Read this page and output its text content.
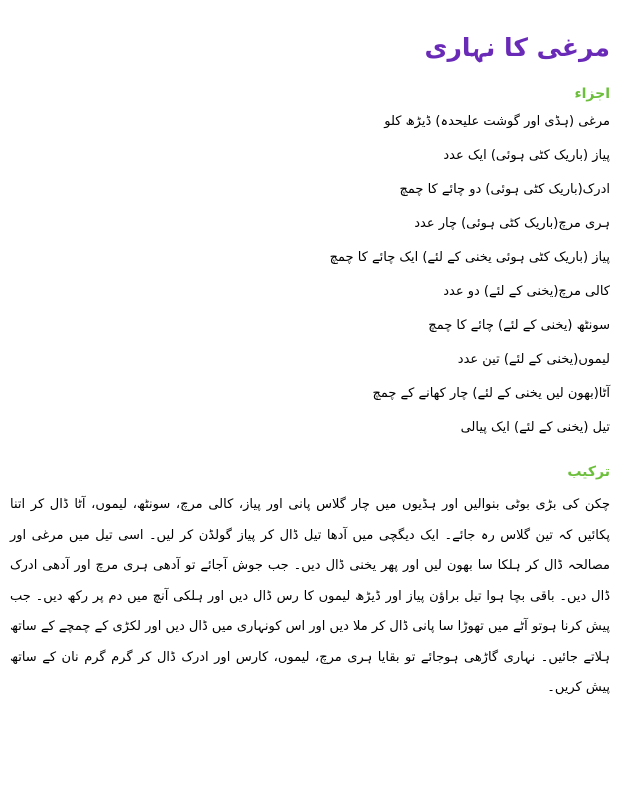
مرغی کا نہاری
اجزاء
مرغی (ہڈی اور گوشت علیحدہ) ڈیڑھ کلو
پیاز (باریک کٹی ہوئی) ایک عدد
ادرک(باریک کٹی ہوئی) دو چائے کا چمچ
ہری مرچ(باریک کٹی ہوئی) چار عدد
پیاز (باریک کٹی ہوئی یخنی کے لئے) ایک چائے کا چمچ
کالی مرچ(یخنی کے لئے) دو عدد
سونٹھ (یخنی کے لئے) چائے کا چمچ
لیموں(یخنی کے لئے) تین عدد
آٹا(بھون لیں یخنی کے لئے) چار کھانے کے چمچ
تیل (یخنی کے لئے) ایک پیالی
ترکیب

چکن کی بڑی بوٹی بنوالیں اور ہڈیوں میں چار گلاس پانی اور پیاز، کالی مرچ، سونٹھ، لیموں، آٹا ڈال کر اتنا پکائیں کہ تین گلاس رہ جائے۔ ایک دیگچی میں آدھا تیل ڈال کر پیاز گولڈن کر لیں۔ اسی تیل میں مرغی اور مصالحہ ڈال کر ہلکا سا بھون لیں اور پھر یخنی ڈال دیں۔ جب جوش آجائے تو آدھی ہری مرچ اور آدھی ادرک ڈال دیں۔ باقی بچا ہوا تیل براؤن پیاز اور ڈیڑھ لیموں کا رس ڈال دیں اور ہلکی آنچ میں دم پر رکھ دیں۔ جب پیش کرنا ہوتو آٹے میں تھوڑا سا پانی ڈال کر ملا دیں اور اس کونہاری میں ڈال دیں اور لکڑی کے چمچے کے ساتھ ہلاتے جائیں۔ نہاری گاڑھی ہوجائے تو بقایا ہری مرچ، لیموں، کارس اور ادرک ڈال کر گرم گرم نان کے ساتھ پیش کریں۔
